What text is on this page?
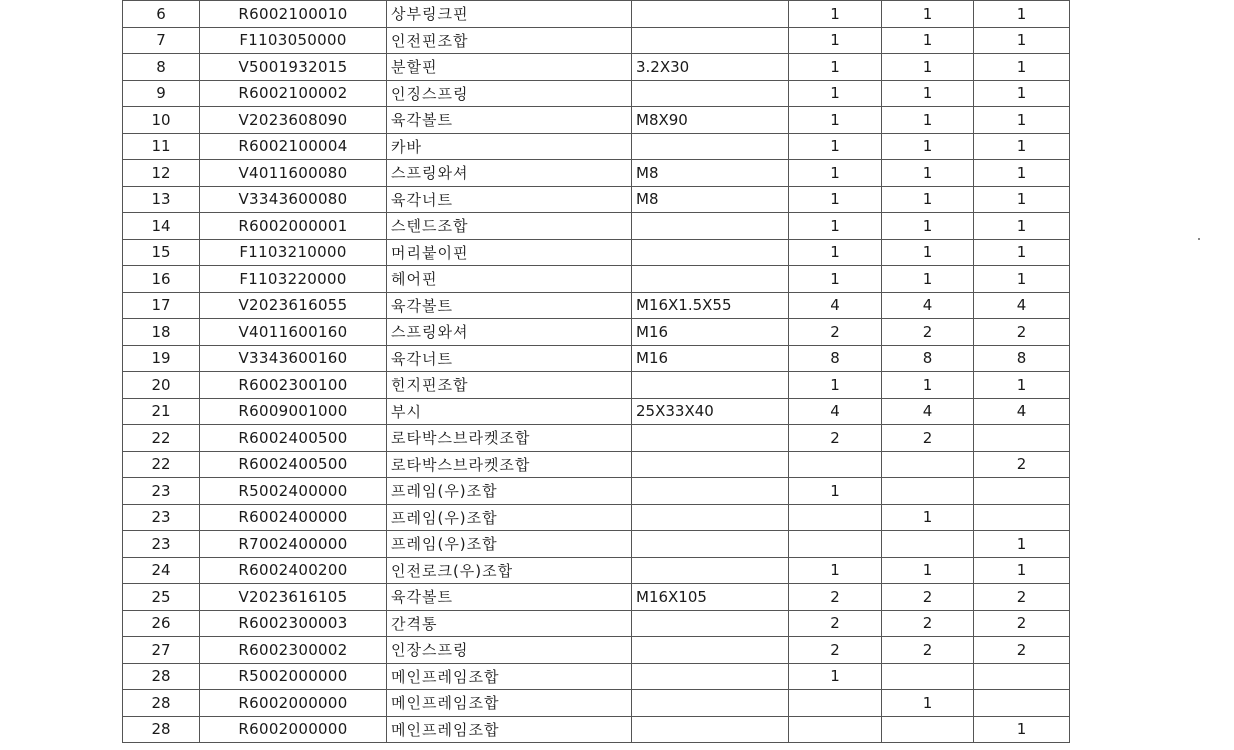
6	R6002100010	상부링크핀		1	1	1	
7	F1103050000	인전핀조합		1	1	1	
8	V5001932015	분할핀	3.2X30	1	1	1	
9	R6002100002	인징스프링		1	1	1	
10	V2023608090	육각볼트	M8X90	1	1	1	
11	R6002100004	카바		1	1	1	
12	V4011600080	스프링와셔	M8	1	1	1	
13	V3343600080	육각너트	M8	1	1	1	
14	R6002000001	스텐드조합		1	1	1	
15	F1103210000	머리붙이핀		1	1	1	
16	F1103220000	헤어핀		1	1	1	
17	V2023616055	육각볼트	M16X1.5X55	4	4	4	
18	V4011600160	스프링와셔	M16	2	2	2	
19	V3343600160	육각너트	M16	8	8	8	
20	R6002300100	힌지핀조합		1	1	1	
21	R6009001000	부시	25X33X40	4	4	4	
22	R6002400500	로타박스브라켓조합		2	2		
22	R6002400500	로타박스브라켓조합				2	
23	R5002400000	프레임(우)조합		1			
23	R6002400000	프레임(우)조합			1		
23	R7002400000	프레임(우)조합				1	
24	R6002400200	인전로크(우)조합		1	1	1	
25	V2023616105	육각볼트	M16X105	2	2	2	
26	R6002300003	간격통		2	2	2	
27	R6002300002	인장스프링		2	2	2	
28	R5002000000	메인프레임조합		1			
28	R6002000000	메인프레임조합			1		
28	R6002000000	메인프레임조합				1	
